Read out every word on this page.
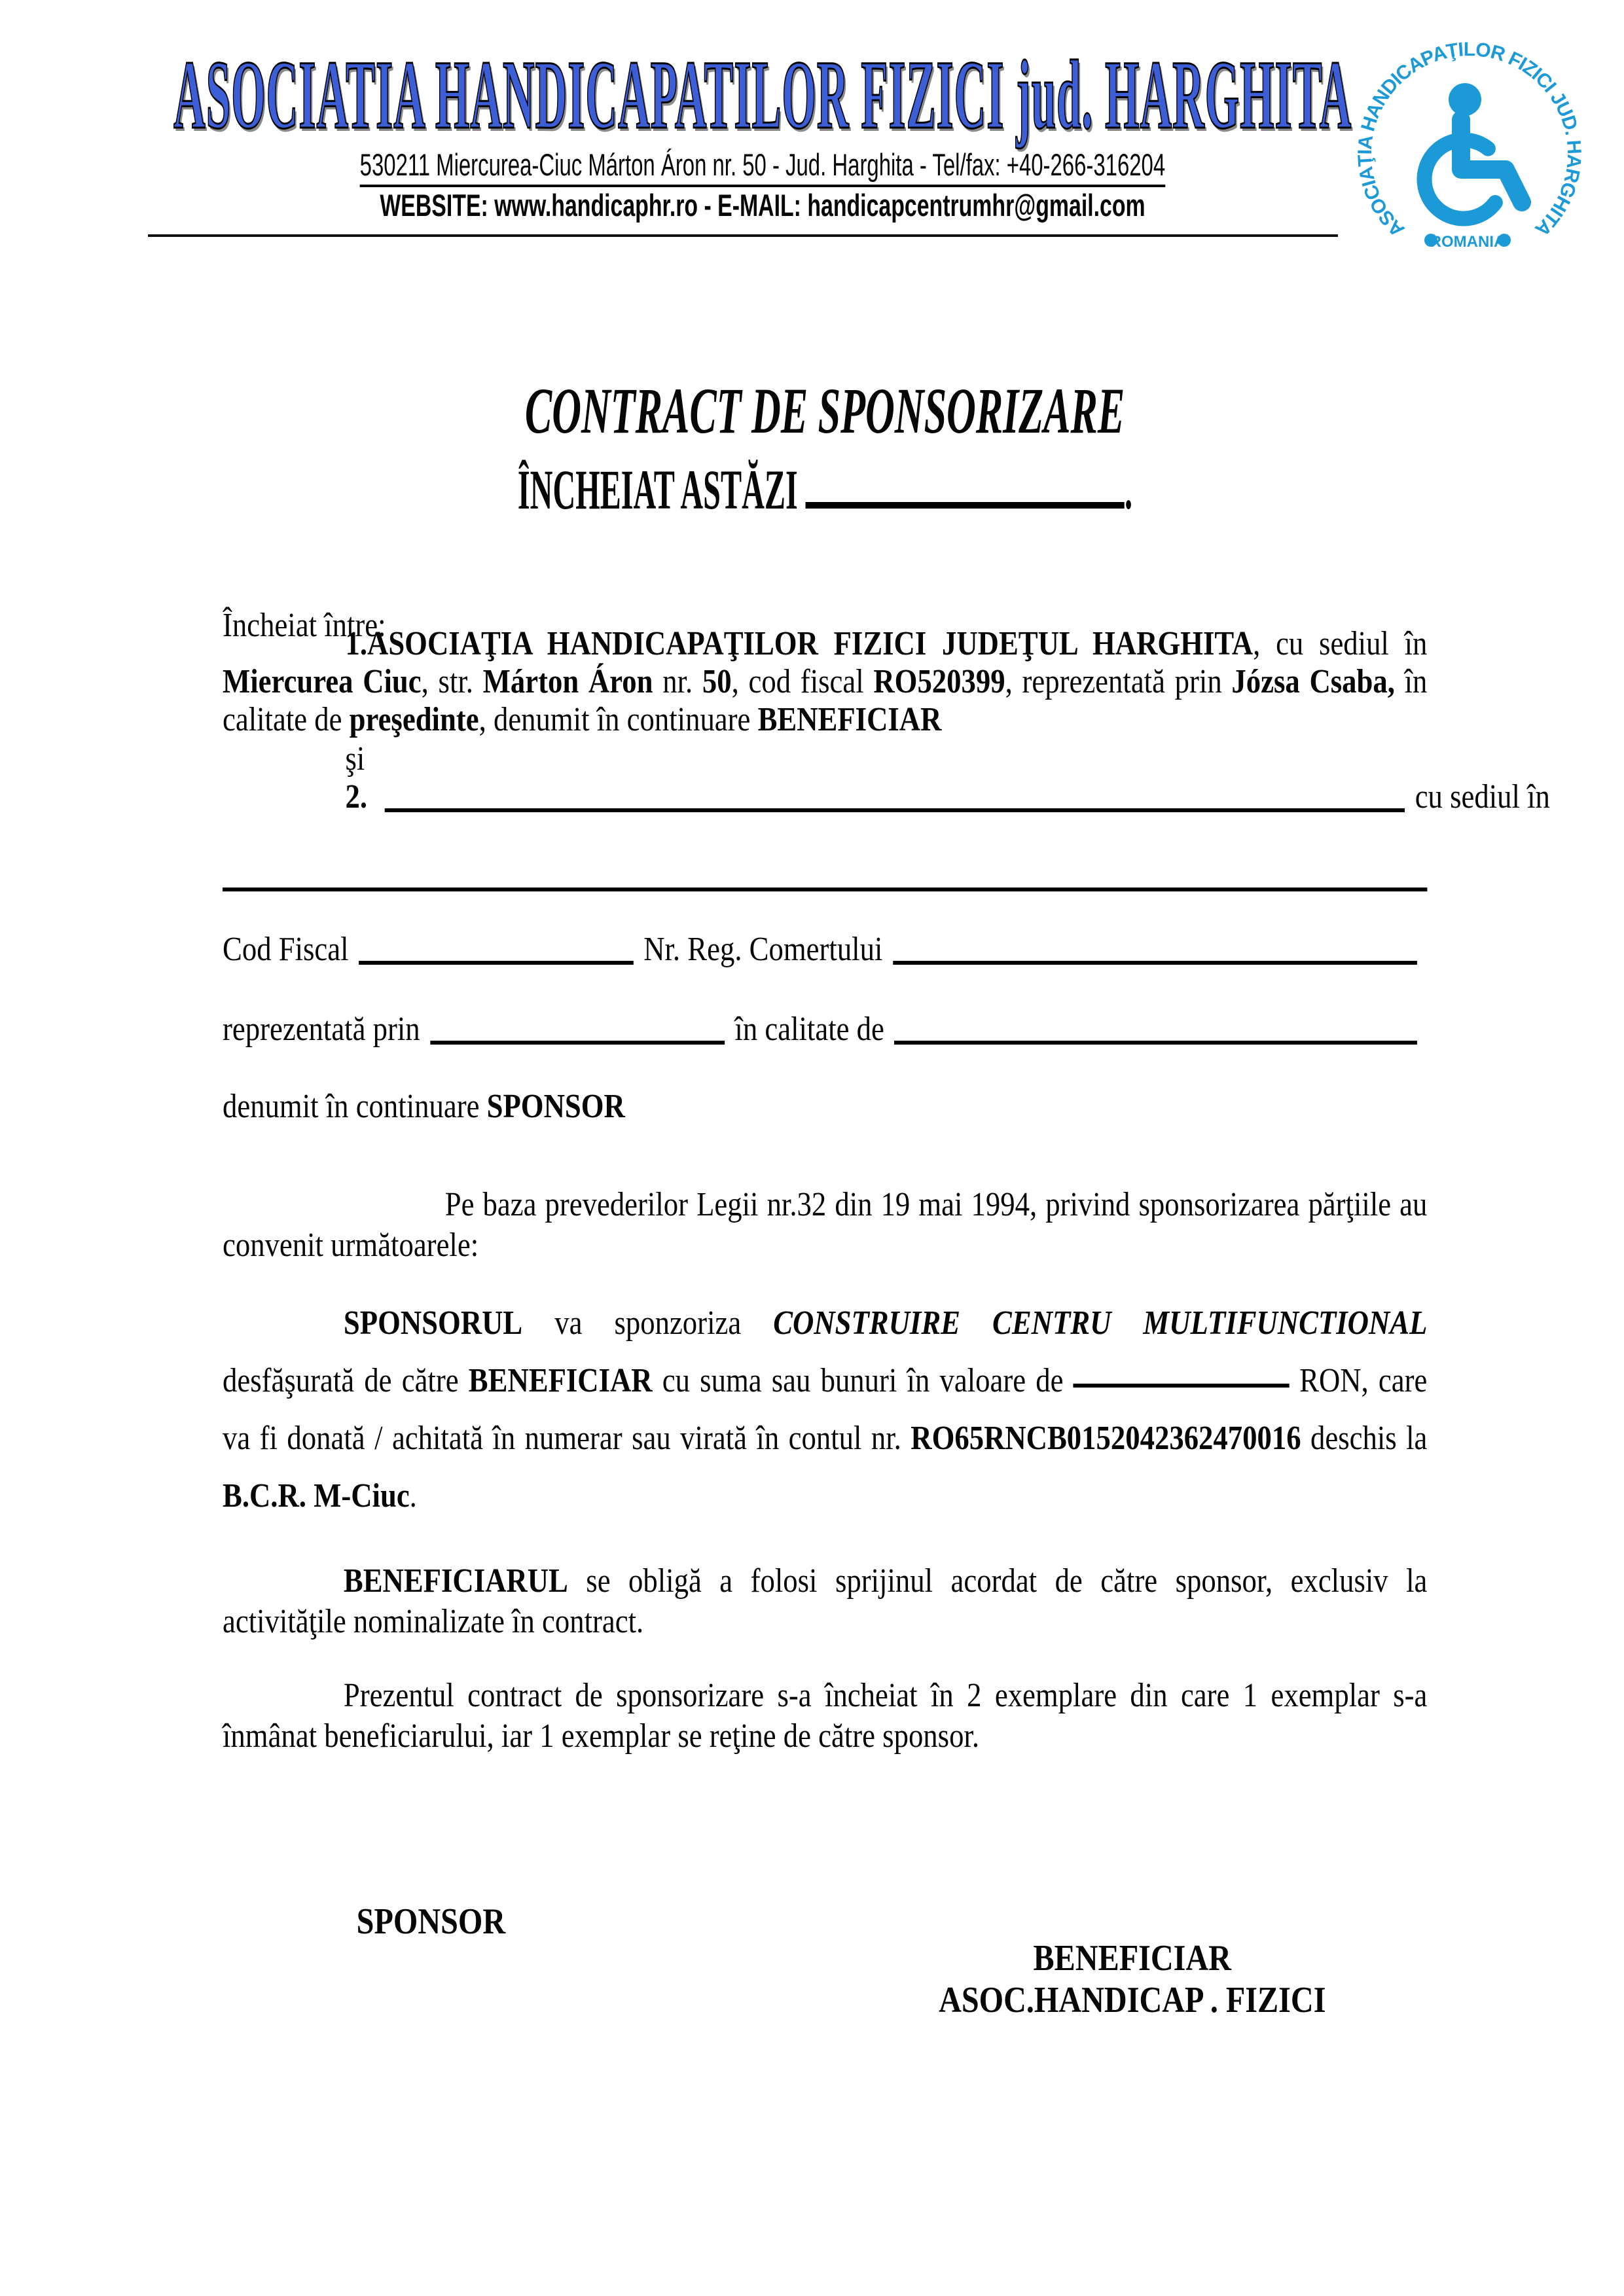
ASOCIATIA HANDICAPATILOR FIZICI jud. HARGHITA
530211 Miercurea-Ciuc Márton Áron nr. 50 - Jud. Harghita - Tel/fax: +40-266-316204
WEBSITE: www.handicaphr.ro - E-MAIL: handicapcentrumhr@gmail.com
ASOCIAŢIA HANDICAPAŢILOR FIZICI JUD. HARGHITA
ROMANIA
CONTRACT DE SPONSORIZARE
ÎNCHEIAT ASTĂZI	.

Încheiat între:

1.ASOCIAŢIA HANDICAPAŢILOR FIZICI JUDEŢUL HARGHITA, cu sediul în Miercurea Ciuc, str. Márton Áron nr. 50, cod fiscal RO520399, reprezentată prin Józsa Csaba, în calitate de preşedinte, denumit în continuare BENEFICIAR

şi

2.	cu sediul în
Cod Fiscal	Nr. Reg. Comertului
reprezentată prin	în calitate de

denumit în continuare SPONSOR

Pe baza prevederilor Legii nr.32 din 19 mai 1994, privind sponsorizarea părţiile au convenit următoarele:

SPONSORUL va sponzoriza CONSTRUIRE CENTRU MULTIFUNCTIONAL desfăşurată de către BENEFICIAR cu suma sau bunuri în valoare de	RON, care va fi donată / achitată în numerar sau virată în contul nr. RO65RNCB0152042362470016 deschis la B.C.R. M-Ciuc.

BENEFICIARUL se obligă a folosi sprijinul acordat de către sponsor, exclusiv la activităţile nominalizate în contract.

Prezentul contract de sponsorizare s-a încheiat în 2 exemplare din care 1 exemplar s-a înmânat beneficiarului, iar 1 exemplar se reţine de către sponsor.

SPONSOR

BENEFICIAR
ASOC.HANDICAP . FIZICI
